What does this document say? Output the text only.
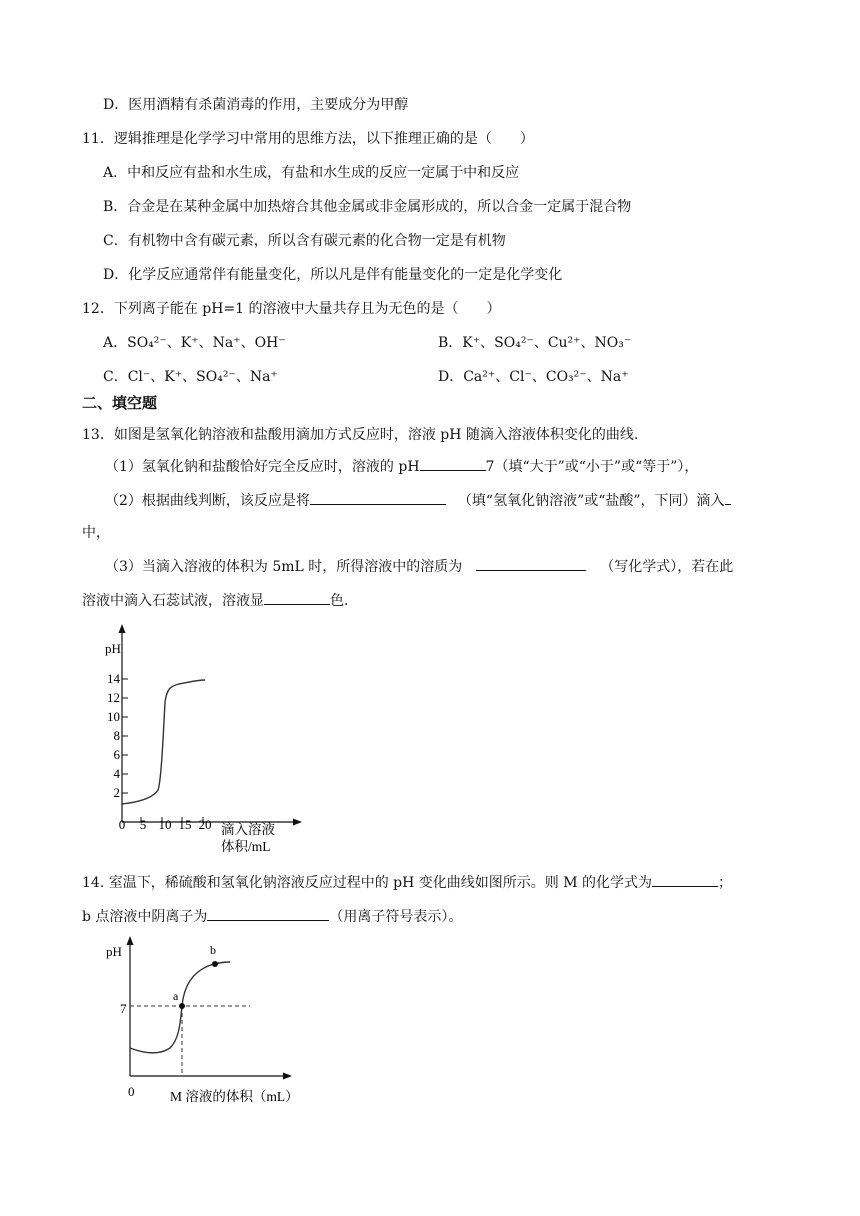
D．医用酒精有杀菌消毒的作用，主要成分为甲醇
11．逻辑推理是化学学习中常用的思维方法，以下推理正确的是（　　）
A．中和反应有盐和水生成，有盐和水生成的反应一定属于中和反应
B．合金是在某种金属中加热熔合其他金属或非金属形成的，所以合金一定属于混合物
C．有机物中含有碳元素，所以含有碳元素的化合物一定是有机物
D．化学反应通常伴有能量变化，所以凡是伴有能量变化的一定是化学变化
12．下列离子能在 pH=1 的溶液中大量共存且为无色的是（　　）
A．SO₄²⁻、K⁺、Na⁺、OH⁻	B．K⁺、SO₄²⁻、Cu²⁺、NO₃⁻
C．Cl⁻、K⁺、SO₄²⁻、Na⁺	D．Ca²⁺、Cl⁻、CO₃²⁻、Na⁺
二、填空题
13．如图是氢氧化钠溶液和盐酸用滴加方式反应时，溶液 pH 随滴入溶液体积变化的曲线.
（1）氢氧化钠和盐酸恰好完全反应时，溶液的 pH	7（填“大于”或“小于”或“等于”），
（2）根据曲线判断，该反应是将	（填“氢氧化钠溶液”或“盐酸”，下同）滴入
中，
（3）当滴入溶液的体积为 5mL 时，所得溶液中的溶质为	（写化学式），若在此
溶液中滴入石蕊试液，溶液显	色.
pH
14
12
10
8
6
4
2
0 5 10 15 20 滴入溶液
体积/mL
14. 室温下，稀硫酸和氢氧化钠溶液反应过程中的 pH 变化曲线如图所示。则 M 的化学式为	；
b 点溶液中阴离子为	（用离子符号表示）。
pH
7
0
a
b
M 溶液的体积（mL）
